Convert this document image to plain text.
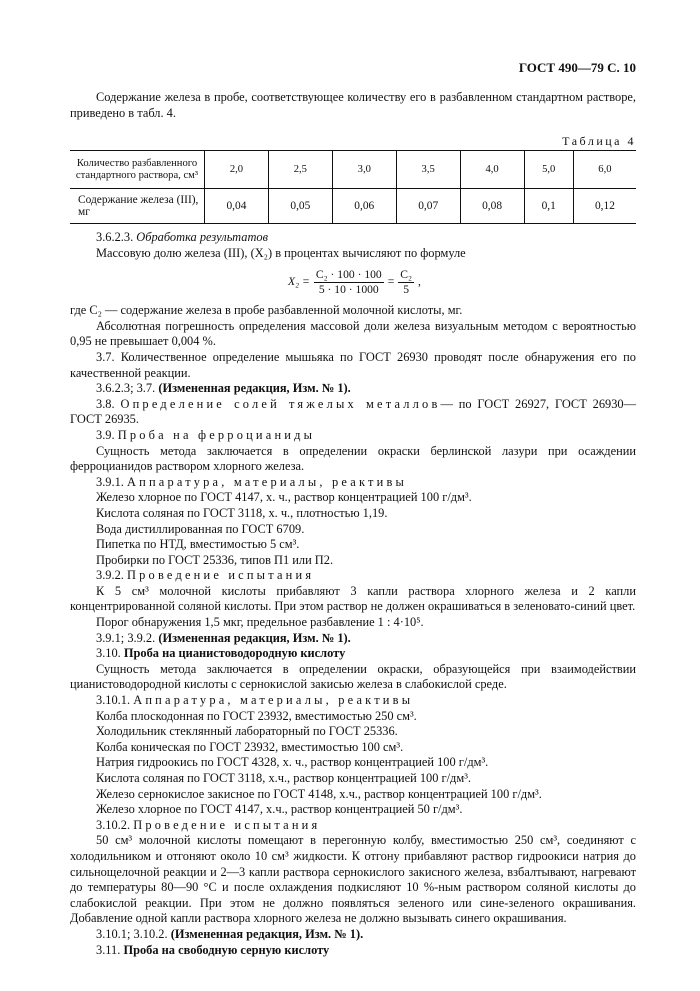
ГОСТ 490—79 С. 10

Содержание железа в пробе, соответствующее количеству его в разбавленном стандартном растворе, приведено в табл. 4.

Таблица 4
Количество разбавленного стандартного раствора, см³	2,0	2,5	3,0	3,5	4,0	5,0	6,0
Содержание железа (III), мг	0,04	0,05	0,06	0,07	0,08	0,1	0,12

3.6.2.3. Обработка результатов

Массовую долю железа (III), (X₂) в процентах вычисляют по формуле

$X_2 = \frac{\text{C₂ · 100 · 100}}{5 \cdot 10 \cdot 1000} = \frac{\text{C₂}}{5}$ ,

где C₂ — содержание железа в пробе разбавленной молочной кислоты, мг.

Абсолютная погрешность определения массовой доли железа визуальным методом с вероятностью 0,95 не превышает 0,004 %.

3.7. Количественное определение мышьяка по ГОСТ 26930 проводят после обнаружения его по качественной реакции.

3.6.2.3; 3.7. (Измененная редакция, Изм. № 1).

3.8. Определение солей тяжелых металлов— по ГОСТ 26927, ГОСТ 26930—ГОСТ 26935.

3.9. Проба на ферроцианиды

Сущность метода заключается в определении окраски берлинской лазури при осаждении ферроцианидов раствором хлорного железа.

3.9.1. Аппаратура, материалы, реактивы

Железо хлорное по ГОСТ 4147, х. ч., раствор концентрацией 100 г/дм³.

Кислота соляная по ГОСТ 3118, х. ч., плотностью 1,19.

Вода дистиллированная по ГОСТ 6709.

Пипетка по НТД, вместимостью 5 см³.

Пробирки по ГОСТ 25336, типов П1 или П2.

3.9.2. Проведение испытания

К 5 см³ молочной кислоты прибавляют 3 капли раствора хлорного железа и 2 капли концентрированной соляной кислоты. При этом раствор не должен окрашиваться в зеленовато-синий цвет.

Порог обнаружения 1,5 мкг, предельное разбавление 1 : 4·10⁵.

3.9.1; 3.9.2. (Измененная редакция, Изм. № 1).

3.10. Проба на цианистоводородную кислоту

Сущность метода заключается в определении окраски, образующейся при взаимодействии цианистоводородной кислоты с сернокислой закисью железа в слабокислой среде.

3.10.1. Аппаратура, материалы, реактивы

Колба плоскодонная по ГОСТ 23932, вместимостью 250 см³.

Холодильник стеклянный лабораторный по ГОСТ 25336.

Колба коническая по ГОСТ 23932, вместимостью 100 см³.

Натрия гидроокись по ГОСТ 4328, х. ч., раствор концентрацией 100 г/дм³.

Кислота соляная по ГОСТ 3118, х.ч., раствор концентрацией 100 г/дм³.

Железо сернокислое закисное по ГОСТ 4148, х.ч., раствор концентрацией 100 г/дм³.

Железо хлорное по ГОСТ 4147, х.ч., раствор концентрацией 50 г/дм³.

3.10.2. Проведение испытания

50 см³ молочной кислоты помещают в перегонную колбу, вместимостью 250 см³, соединяют с холодильником и отгоняют около 10 см³ жидкости. К отгону прибавляют раствор гидроокиси натрия до сильнощелочной реакции и 2—3 капли раствора сернокислого закисного железа, взбалтывают, нагревают до температуры 80—90 °С и после охлаждения подкисляют 10 %-ным раствором соляной кислоты до слабокислой реакции. При этом не должно появляться зеленого или сине-зеленого окрашивания. Добавление одной капли раствора хлорного железа не должно вызывать синего окрашивания.

3.10.1; 3.10.2. (Измененная редакция, Изм. № 1).

3.11. Проба на свободную серную кислоту
